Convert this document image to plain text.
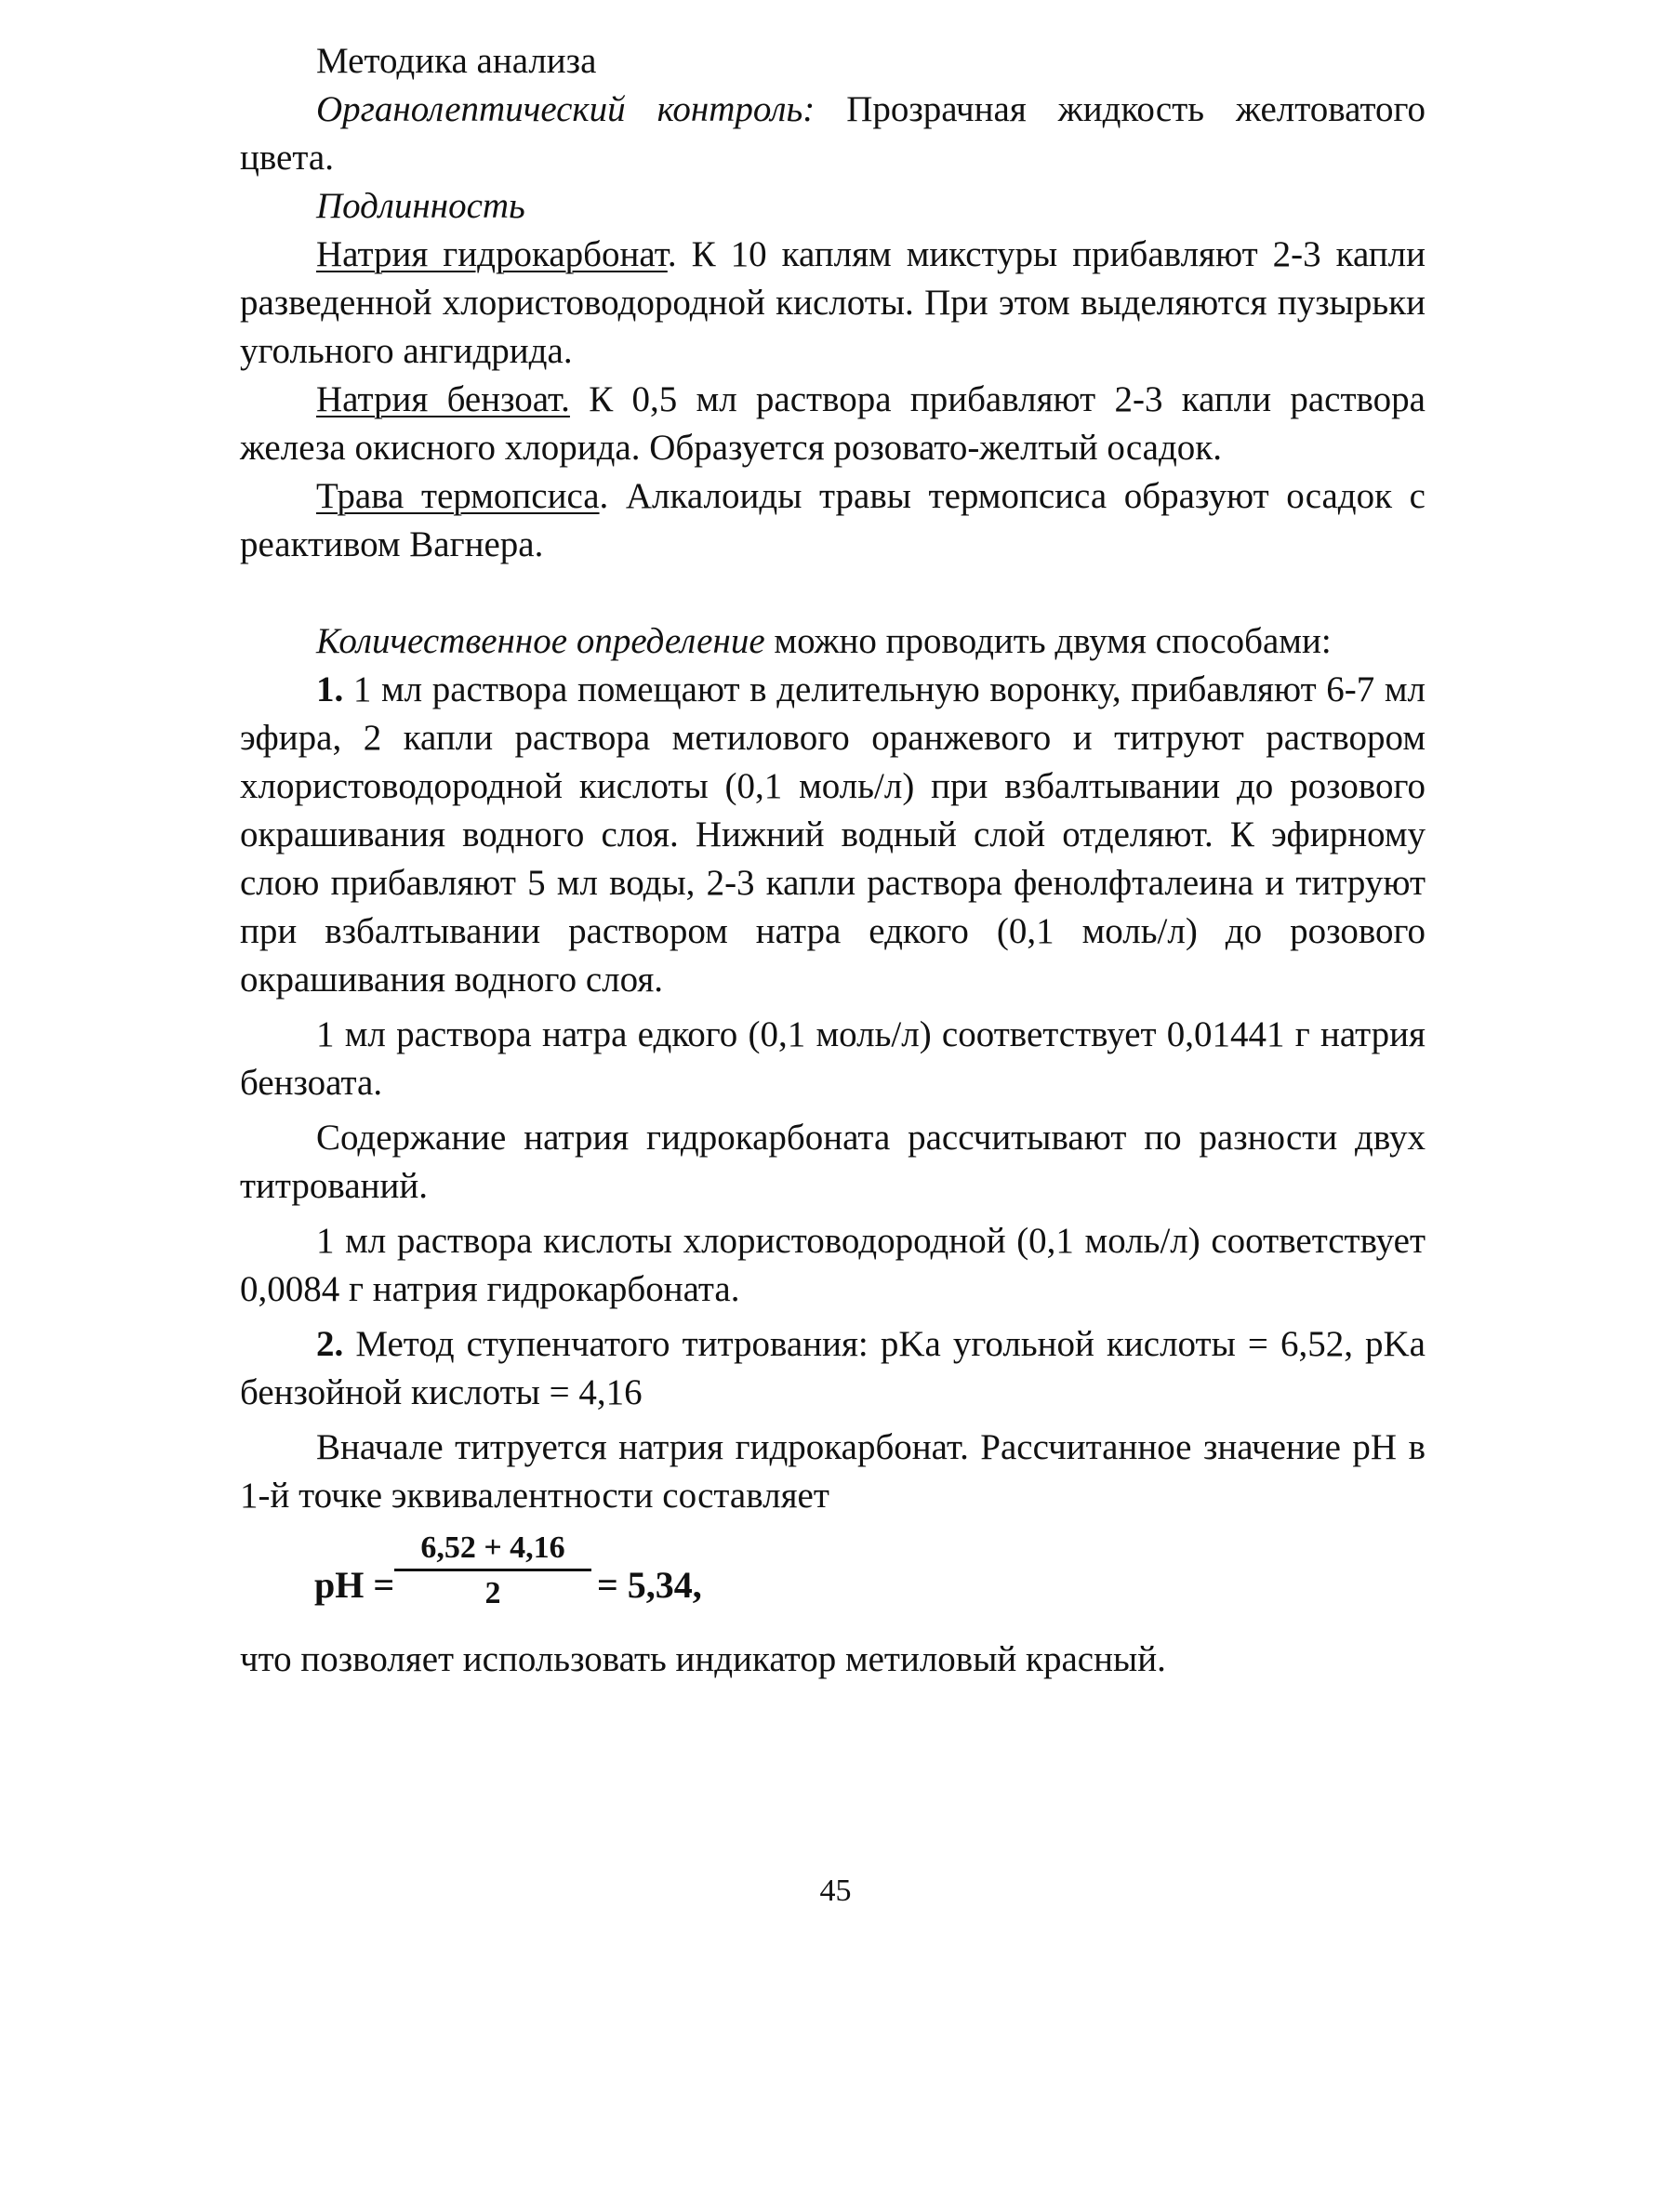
Методика анализа

Органолептический контроль: Прозрачная жидкость желтоватого цвета.

Подлинность

Натрия гидрокарбонат. К 10 каплям микстуры прибавляют 2-3 капли разведенной хлористоводородной кислоты. При этом выделяются пузырьки угольного ангидрида.

Натрия бензоат. К 0,5 мл раствора прибавляют 2-3 капли раствора железа окисного хлорида. Образуется розовато-желтый осадок.

Трава термопсиса. Алкалоиды травы термопсиса образуют осадок с реактивом Вагнера.

Количественное определение можно проводить двумя способами:

1. 1 мл раствора помещают в делительную воронку, прибавляют 6-7 мл эфира, 2 капли раствора метилового оранжевого и титруют раствором хлористоводородной кислоты (0,1 моль/л) при взбалтывании до розового окрашивания водного слоя. Нижний водный слой отделяют. К эфирному слою прибавляют 5 мл воды, 2-3 капли раствора фенолфталеина и титруют при взбалтывании раствором натра едкого (0,1 моль/л) до розового окрашивания водного слоя.

1 мл раствора натра едкого (0,1 моль/л) соответствует 0,01441 г натрия бензоата.

Содержание натрия гидрокарбоната рассчитывают по разности двух титрований.

1 мл раствора кислоты хлористоводородной (0,1 моль/л) соответствует 0,0084 г натрия гидрокарбоната.

2. Метод ступенчатого титрования: pKa угольной кислоты = 6,52, pKa бензойной кислоты = 4,16

Вначале титруется натрия гидрокарбонат. Рассчитанное значение pH в 1-й точке эквивалентности составляет

pH =
6,52 + 4,16
2	= 5,34,

что позволяет использовать индикатор метиловый красный.

45
